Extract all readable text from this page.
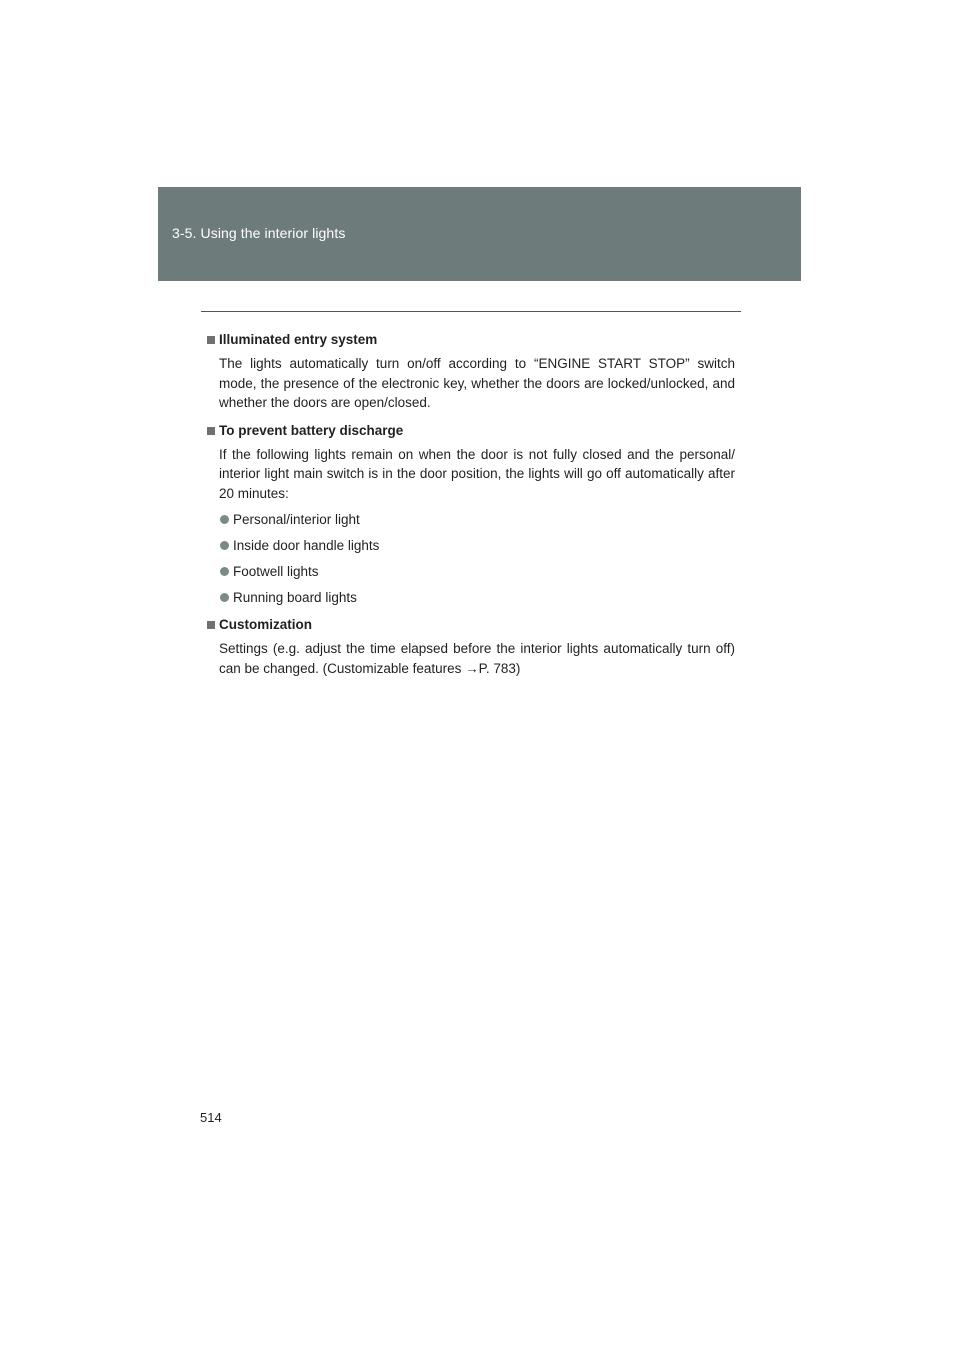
3-5. Using the interior lights
Illuminated entry system
The lights automatically turn on/off according to “ENGINE START STOP” switch mode, the presence of the electronic key, whether the doors are locked/unlocked, and whether the doors are open/closed.
To prevent battery discharge
If the following lights remain on when the door is not fully closed and the personal/ interior light main switch is in the door position, the lights will go off automatically after 20 minutes:
Personal/interior light
Inside door handle lights
Footwell lights
Running board lights
Customization
Settings (e.g. adjust the time elapsed before the interior lights automatically turn off) can be changed. (Customizable features →P. 783)
514
